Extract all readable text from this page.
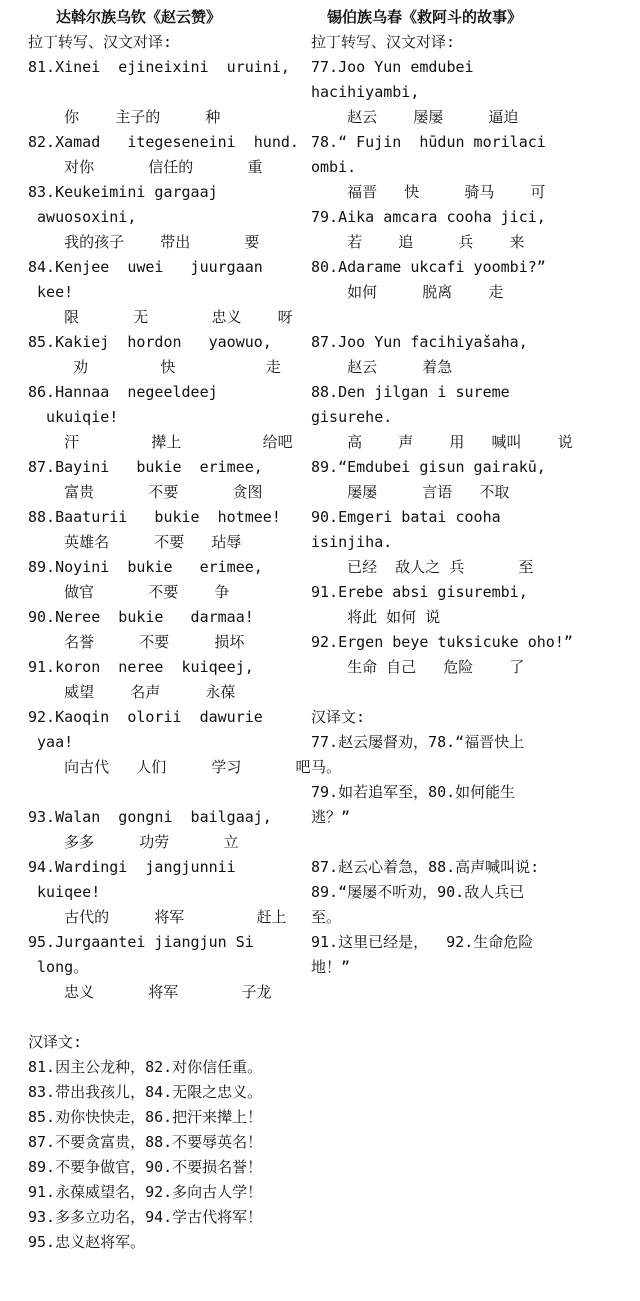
达斡尔族乌钦《赵云赞》
拉丁转写、汉文对译:
81.Xinei  ejineixini  uruini,
你    主子的     种
82.Xamad   itegeseneini  hund.
对你      信任的      重
83.Keukeimini gargaaj
awuosoxini,
我的孩子    带出      要
84.Kenjee  uwei   juurgaan
kee!
限      无       忠义    呀
85.Kakiej  hordon   yaowuo,
劝        快          走
86.Hannaa  negeeldeej
ukuiqie!
汗        撵上         给吧
87.Bayini   bukie  erimee,
富贵      不要      贪图
88.Baaturii   bukie  hotmee!
英雄名     不要   玷辱
89.Noyini  bukie   erimee,
做官      不要    争
90.Neree  bukie   darmaa!
名誉     不要     损坏
91.koron  neree  kuiqeej,
威望    名声     永葆
92.Kaoqin  olorii  dawurie
yaa!
向古代   人们     学习      吧
93.Walan  gongni  bailgaaj,
多多     功劳      立
94.Wardingi  jangjunnii
kuiqee!
古代的     将军        赶上
95.Jurgaantei jiangjun Si
long。
忠义      将军       子龙
汉译文:
81.因主公龙种，82.对你信任重。
83.带出我孩儿，84.无限之忠义。
85.劝你快快走，86.把汗来撵上！
87.不要贪富贵，88.不要辱英名！
89.不要争做官，90.不要损名誉！
91.永葆威望名，92.多向古人学！
93.多多立功名，94.学古代将军！
95.忠义赵将军。
锡伯族乌春《救阿斗的故事》
拉丁转写、汉文对译:
77.Joo Yun emdubei
hacihiyambi,
赵云    屡屡     逼迫
78.“ Fujin  hūdun morilaci
ombi.
福晋   快     骑马    可
79.Aika amcara cooha jici,
若    追     兵    来
80.Adarame ukcafi yoombi?”
如何     脱离    走
87.Joo Yun facihiyašaha,
赵云     着急
88.Den jilgan i sureme
gisurehe.
高    声    用   喊叫    说
89.“Emdubei gisun gairakū,
屡屡     言语   不取
90.Emgeri batai cooha
isinjiha.
已经  敌人之 兵      至
91.Erebe absi gisurembi,
将此 如何 说
92.Ergen beye tuksicuke oho!”
生命 自己   危险    了
汉译文:
77.赵云屡督劝，78.“福晋快上
马。
79.如若追军至，80.如何能生
逃？”
87.赵云心着急，88.高声喊叫说:
89.“屡屡不听劝，90.敌人兵已
至。
91.这里已经是，  92.生命危险
地！”
